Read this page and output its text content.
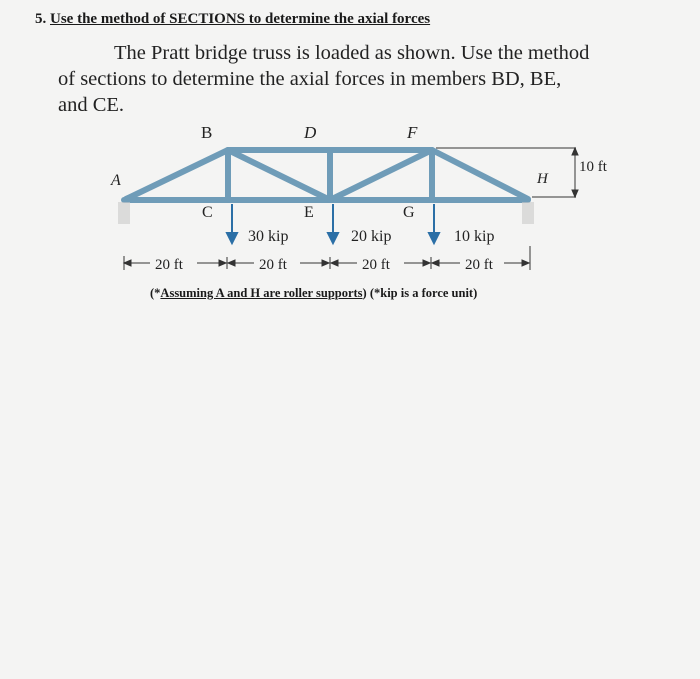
5. Use the method of SECTIONS to determine the axial forces
The Pratt bridge truss is loaded as shown. Use the method
of sections to determine the axial forces in members BD, BE,
and CE.
10 ft
A
B	D	F
H
C	E	G
30 kip	20 kip	10 kip
20 ft	20 ft	20 ft	20 ft
(*Assuming A and H are roller supports) (*kip is a force unit)
